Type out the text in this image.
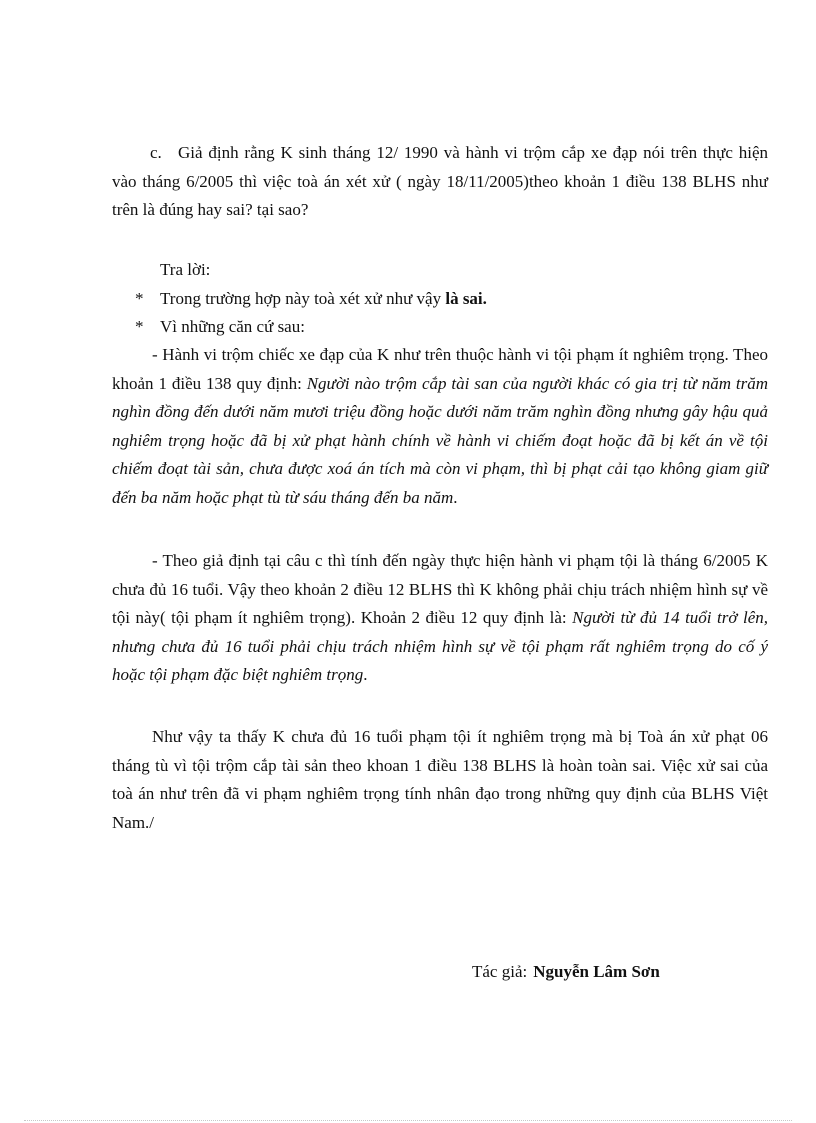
c. Giả định rằng K sinh tháng 12/ 1990 và hành vi trộm cắp xe đạp nói trên thực hiện vào tháng 6/2005 thì việc toà án xét xử ( ngày 18/11/2005)theo khoản 1 điều 138 BLHS như trên là đúng hay sai? tại sao?
Tra lời:
* Trong trường hợp này toà xét xử như vậy là sai.
* Vì những căn cứ sau:
- Hành vi trộm chiếc xe đạp của K như trên thuộc hành vi tội phạm ít nghiêm trọng. Theo khoản 1 điều 138 quy định: Người nào trộm cắp tài san của người khác có gia trị từ năm trăm nghìn đồng đến dưới năm mươi triệu đồng hoặc dưới năm trăm nghìn đồng nhưng gây hậu quả nghiêm trọng hoặc đã bị xử phạt hành chính về hành vi chiếm đoạt hoặc đã bị kết án về tội chiếm đoạt tài sản, chưa được xoá án tích mà còn vi phạm, thì bị phạt cải tạo không giam giữ đến ba năm hoặc phạt tù từ sáu tháng đến ba năm.
- Theo giả định tại câu c thì tính đến ngày thực hiện hành vi phạm tội là tháng 6/2005 K chưa đủ 16 tuổi. Vậy theo khoản 2 điều 12 BLHS thì K không phải chịu trách nhiệm hình sự về tội này( tội phạm ít nghiêm trọng). Khoản 2 điều 12 quy định là: Người từ đủ 14 tuổi trở lên, nhưng chưa đủ 16 tuổi phải chịu trách nhiệm hình sự về tội phạm rất nghiêm trọng do cố ý hoặc tội phạm đặc biệt nghiêm trọng.
Như vậy ta thấy K chưa đủ 16 tuổi phạm tội ít nghiêm trọng mà bị Toà án xử phạt 06 tháng tù vì tội trộm cắp tài sản theo khoan 1 điều 138 BLHS là hoàn toàn sai. Việc xử sai của toà án như trên đã vi phạm nghiêm trọng tính nhân đạo trong những quy định của BLHS Việt Nam./
Tác giả: Nguyễn Lâm Sơn
